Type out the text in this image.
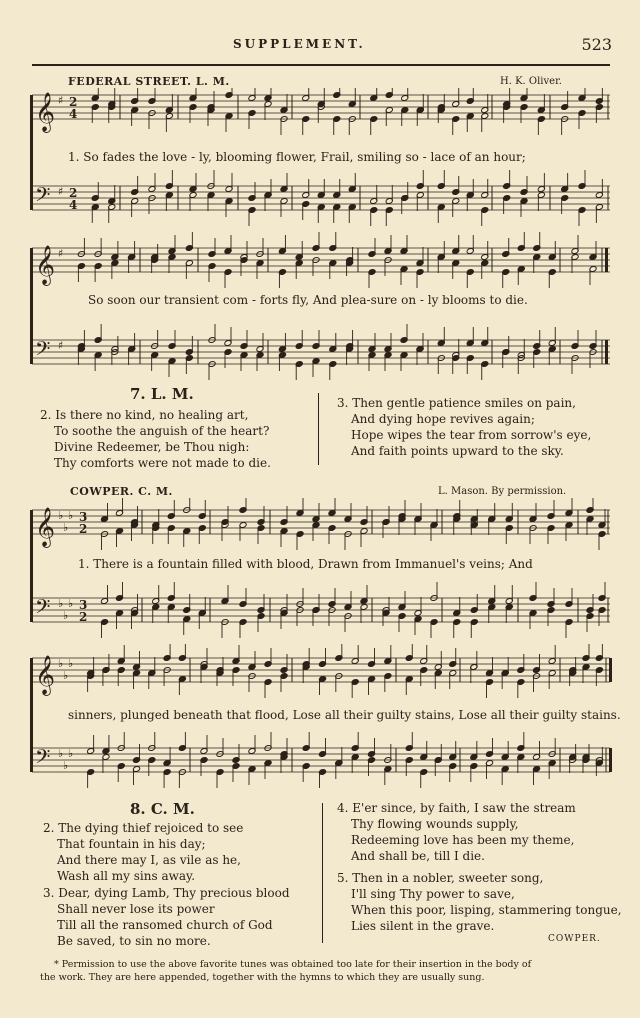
SUPPLEMENT.	523
FEDERAL STREET. L. M.	H. K. Oliver.
𝄞 ♯ 2
4
𝄢 ♯ 2
4
1. So fades the love - ly, blooming flower, Frail, smiling so - lace of an hour;
𝄞 ♯
𝄢 ♯
So soon our transient com - forts fly, And plea-sure on - ly blooms to die.
7. L. M.
2. Is there no kind, no healing art,
To soothe the anguish of the heart?
Divine Redeemer, be Thou nigh:
Thy comforts were not made to die.
3. Then gentle patience smiles on pain,
And dying hope revives again;
Hope wipes the tear from sorrow's eye,
And faith points upward to the sky.
COWPER. C. M.	L. Mason. By permission.
𝄞 ♭
♭
♭ 3
2
𝄢 ♭
♭
♭ 3
2
1. There is a fountain filled with blood, Drawn from Immanuel's veins; And
𝄞 ♭
♭
♭
𝄢 ♭
♭
♭
sinners, plunged beneath that flood, Lose all their guilty stains, Lose all their guilty stains.
8. C. M.
2. The dying thief rejoiced to see
That fountain in his day;
And there may I, as vile as he,
Wash all my sins away.
3. Dear, dying Lamb, Thy precious blood
Shall never lose its power
Till all the ransomed church of God
Be saved, to sin no more.
4. E'er since, by faith, I saw the stream
Thy flowing wounds supply,
Redeeming love has been my theme,
And shall be, till I die.
5. Then in a nobler, sweeter song,
I'll sing Thy power to save,
When this poor, lisping, stammering tongue,
Lies silent in the grave.
COWPER.
* Permission to use the above favorite tunes was obtained too late for their insertion in the body of
the work. They are here appended, together with the hymns to which they are usually sung.
